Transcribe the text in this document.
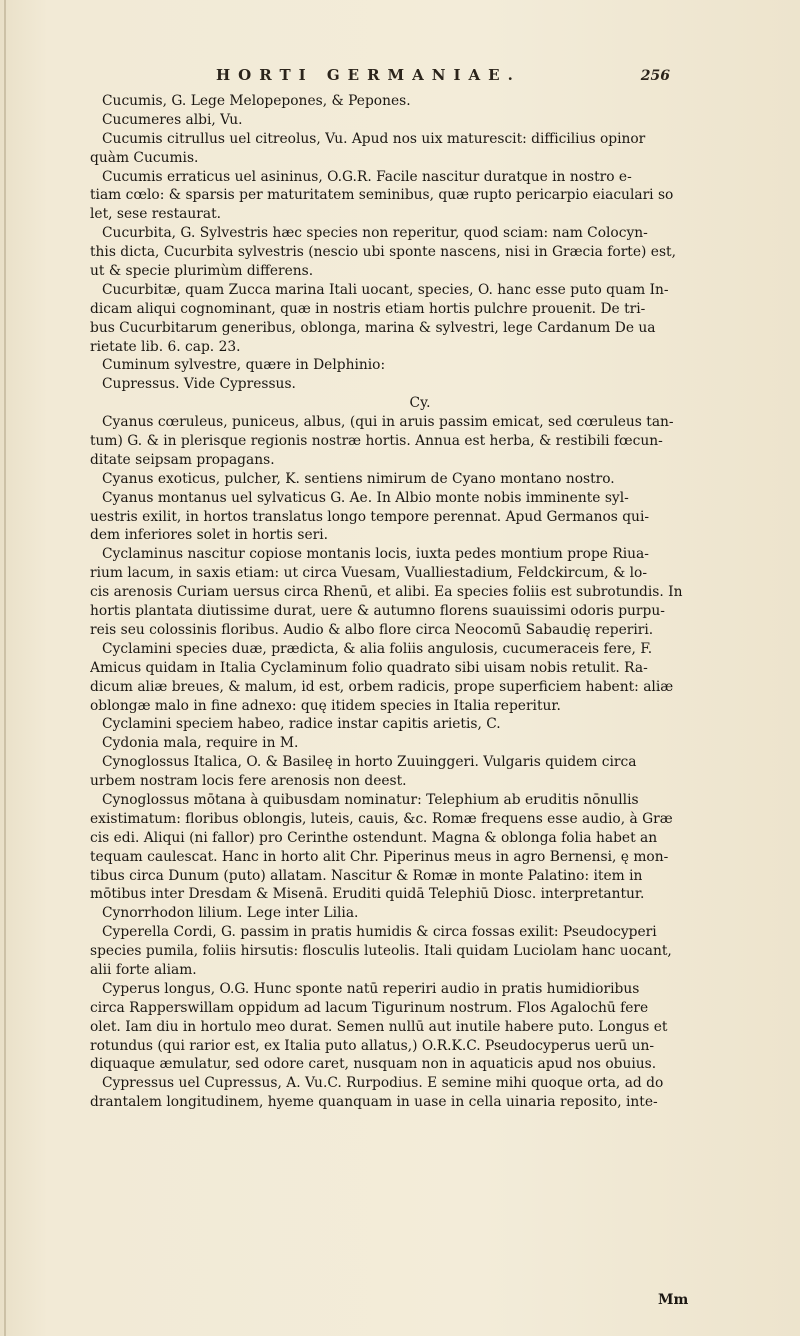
HORTI GERMANIAE.	256
Cucumis, G. Lege Melopepones, & Pepones.
Cucumeres albi, Vu.
Cucumis citrullus uel citreolus, Vu. Apud nos uix maturescit: difficilius opinor
quàm Cucumis.
Cucumis erraticus uel asininus, O.G.R. Facile nascitur duratque in nostro e-
tiam cœlo: & sparsis per maturitatem seminibus, quæ rupto pericarpio eiaculari so
let, sese restaurat.
Cucurbita, G. Sylvestris hæc species non reperitur, quod sciam: nam Colocyn-
this dicta, Cucurbita sylvestris (nescio ubi sponte nascens, nisi in Græcia forte) est,
ut & specie plurimùm differens.
Cucurbitæ, quam Zucca marina Itali uocant, species, O. hanc esse puto quam In-
dicam aliqui cognominant, quæ in nostris etiam hortis pulchre prouenit. De tri-
bus Cucurbitarum generibus, oblonga, marina & sylvestri, lege Cardanum De ua
rietate lib. 6. cap. 23.
Cuminum sylvestre, quære in Delphinio:
Cupressus. Vide Cypressus.
Cy.
Cyanus cœruleus, puniceus, albus, (qui in aruis passim emicat, sed cœruleus tan-
tum) G. & in plerisque regionis nostræ hortis. Annua est herba, & restibili fœcun-
ditate seipsam propagans.
Cyanus exoticus, pulcher, K. sentiens nimirum de Cyano montano nostro.
Cyanus montanus uel sylvaticus G. Ae. In Albio monte nobis imminente syl-
uestris exilit, in hortos translatus longo tempore perennat. Apud Germanos qui-
dem inferiores solet in hortis seri.
Cyclaminus nascitur copiose montanis locis, iuxta pedes montium prope Riua-
rium lacum, in saxis etiam: ut circa Vuesam, Vualliestadium, Feldckircum, & lo-
cis arenosis Curiam uersus circa Rhenū, et alibi. Ea species foliis est subrotundis. In
hortis plantata diutissime durat, uere & autumno florens suauissimi odoris purpu-
reis seu colossinis floribus. Audio & albo flore circa Neocomū Sabaudię reperiri.
Cyclamini species duæ, prædicta, & alia foliis angulosis, cucumeraceis fere, F.
Amicus quidam in Italia Cyclaminum folio quadrato sibi uisam nobis retulit. Ra-
dicum aliæ breues, & malum, id est, orbem radicis, prope superficiem habent: aliæ
oblongæ malo in fine adnexo: quę itidem species in Italia reperitur.
Cyclamini speciem habeo, radice instar capitis arietis, C.
Cydonia mala, require in M.
Cynoglossus Italica, O. & Basileę in horto Zuuinggeri. Vulgaris quidem circa
urbem nostram locis fere arenosis non deest.
Cynoglossus mōtana à quibusdam nominatur: Telephium ab eruditis nōnullis
existimatum: floribus oblongis, luteis, cauis, &c. Romæ frequens esse audio, à Græ
cis edi. Aliqui (ni fallor) pro Cerinthe ostendunt. Magna & oblonga folia habet an
tequam caulescat. Hanc in horto alit Chr. Piperinus meus in agro Bernensi, ę mon-
tibus circa Dunum (puto) allatam. Nascitur & Romæ in monte Palatino: item in
mōtibus inter Dresdam & Misenā. Eruditi quidā Telephiū Diosc. interpretantur.
Cynorrhodon lilium. Lege inter Lilia.
Cyperella Cordi, G. passim in pratis humidis & circa fossas exilit: Pseudocyperi
species pumila, foliis hirsutis: flosculis luteolis. Itali quidam Luciolam hanc uocant,
alii forte aliam.
Cyperus longus, O.G. Hunc sponte natū reperiri audio in pratis humidioribus
circa Rapperswillam oppidum ad lacum Tigurinum nostrum. Flos Agalochū fere
olet. Iam diu in hortulo meo durat. Semen nullū aut inutile habere puto. Longus et
rotundus (qui rarior est, ex Italia puto allatus,) O.R.K.C. Pseudocyperus uerū un-
diquaque æmulatur, sed odore caret, nusquam non in aquaticis apud nos obuius.
Cypressus uel Cupressus, A. Vu.C. Rurpodius. E semine mihi quoque orta, ad do
drantalem longitudinem, hyeme quanquam in uase in cella uinaria reposito, inte-
Mm
